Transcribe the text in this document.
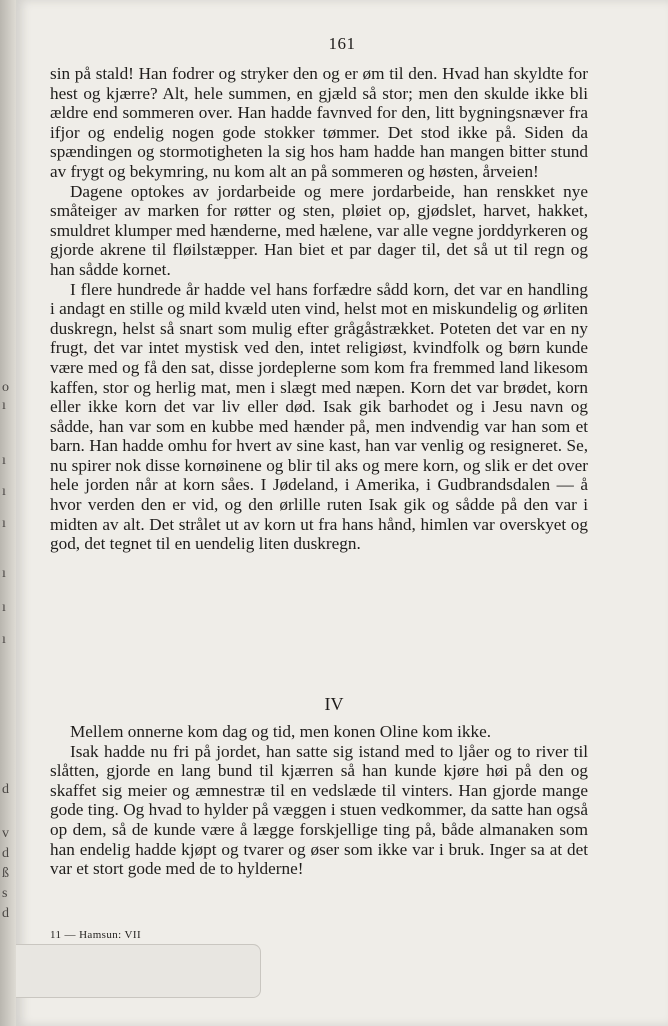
o
ı
ı
ı
ı
ı
ı
ı
d
v
d
ß
s
d
161

sin på stald! Han fodrer og stryker den og er øm til den. Hvad han skyldte for hest og kjærre? Alt, hele summen, en gjæld så stor; men den skulde ikke bli ældre end sommeren over. Han hadde favnved for den, litt bygningsnæver fra ifjor og endelig nogen gode stokker tømmer. Det stod ikke på. Siden da spændingen og stormotigheten la sig hos ham hadde han mangen bitter stund av frygt og bekymring, nu kom alt an på sommeren og høsten, årveien!

Dagene optokes av jordarbeide og mere jordarbeide, han renskket nye småteiger av marken for røtter og sten, pløiet op, gjødslet, harvet, hakket, smuldret klumper med hænderne, med hælene, var alle vegne jorddyrkeren og gjorde akrene til fløilstæpper. Han biet et par dager til, det så ut til regn og han sådde kornet.

I flere hundrede år hadde vel hans forfædre sådd korn, det var en handling i andagt en stille og mild kvæld uten vind, helst mot en miskundelig og ørliten duskregn, helst så snart som mulig efter grågåstrækket. Poteten det var en ny frugt, det var intet mystisk ved den, intet religiøst, kvindfolk og børn kunde være med og få den sat, disse jordeplerne som kom fra fremmed land likesom kaffen, stor og herlig mat, men i slægt med næpen. Korn det var brødet, korn eller ikke korn det var liv eller død. Isak gik barhodet og i Jesu navn og sådde, han var som en kubbe med hænder på, men indvendig var han som et barn. Han hadde omhu for hvert av sine kast, han var venlig og resigneret. Se, nu spirer nok disse kornøinene og blir til aks og mere korn, og slik er det over hele jorden når at korn såes. I Jødeland, i Amerika, i Gudbrandsdalen — å hvor verden den er vid, og den ørlille ruten Isak gik og sådde på den var i midten av alt. Det strålet ut av korn ut fra hans hånd, himlen var overskyet og god, det tegnet til en uendelig liten duskregn.

IV

Mellem onnerne kom dag og tid, men konen Oline kom ikke.

Isak hadde nu fri på jordet, han satte sig istand med to ljåer og to river til slåtten, gjorde en lang bund til kjærren så han kunde kjøre høi på den og skaffet sig meier og æmnestræ til en vedslæde til vinters. Han gjorde mange gode ting. Og hvad to hylder på væggen i stuen vedkommer, da satte han også op dem, så de kunde være å lægge forskjellige ting på, både almanaken som han endelig hadde kjøpt og tvarer og øser som ikke var i bruk. Inger sa at det var et stort gode med de to hylderne!

11 — Hamsun: VII
